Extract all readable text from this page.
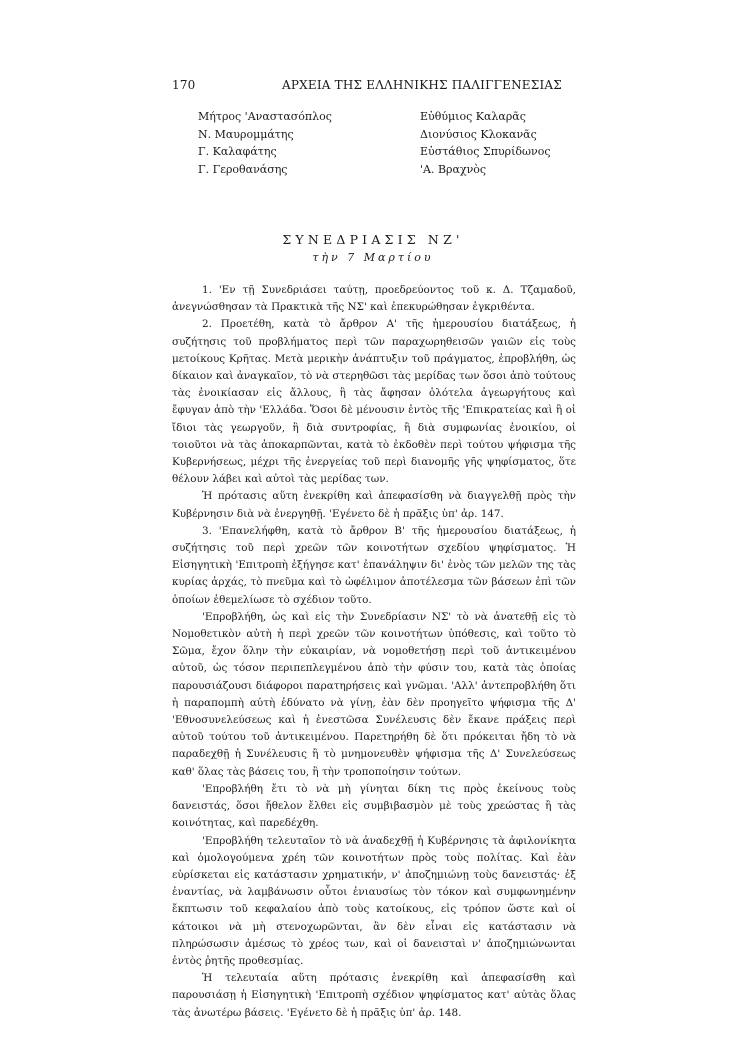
170	ΑΡΧΕΙΑ ΤΗΣ ΕΛΛΗΝΙΚΗΣ ΠΑΛΙΓΓΕΝΕΣΙΑΣ
Μήτρος 'Αναστασόπλος
Ν. Μαυρομμάτης
Γ. Καλαφάτης
Γ. Γεροθανάσης
Εὐθύμιος Καλαρᾶς
Διονύσιος Κλοκανᾶς
Εὐστάθιος Σπυρίδωνος
'Α. Βραχνὸς
ΣΥΝΕΔΡΙΑΣΙΣ ΝΖ'
τὴν 7 Μαρτίου

1. 'Εν τῇ Συνεδριάσει ταύτῃ, προεδρεύοντος τοῦ κ. Δ. Τζαμαδοῦ, ἀνεγνώσθησαν τὰ Πρακτικὰ τῆς ΝΣ' καὶ ἐπεκυρώθησαν ἐγκριθέντα.

2. Προετέθη, κατὰ τὸ ἄρθρον Α' τῆς ἡμερουσίου διατάξεως, ἡ συζήτησις τοῦ προβλήματος περὶ τῶν παραχωρηθεισῶν γαιῶν εἰς τοὺς μετοίκους Κρῆτας. Μετὰ μερικὴν ἀνάπτυξιν τοῦ πράγματος, ἐπροβλήθη, ὡς δίκαιον καὶ ἀναγκαῖον, τὸ νὰ στερηθῶσι τὰς μερίδας των ὅσοι ἀπὸ τούτους τὰς ἐνοικίασαν εἰς ἄλλους, ἢ τὰς ἄφησαν ὁλότελα ἀγεωργήτους καὶ ἔφυγαν ἀπὸ τὴν 'Ελλάδα. Ὅσοι δὲ μένουσιν ἐντὸς τῆς 'Επικρατείας καὶ ἢ οἱ ἴδιοι τὰς γεωργοῦν, ἢ διὰ συντροφίας, ἢ διὰ συμφωνίας ἐνοικίου, οἱ τοιοῦτοι νὰ τὰς ἀποκαρπῶνται, κατὰ τὸ ἐκδοθὲν περὶ τούτου ψήφισμα τῆς Κυβερνήσεως, μέχρι τῆς ἐνεργείας τοῦ περὶ διανομῆς γῆς ψηφίσματος, ὅτε θέλουν λάβει καὶ αὐτοὶ τὰς μερίδας των.

Ἡ πρότασις αὕτη ἐνεκρίθη καὶ ἀπεφασίσθη νὰ διαγγελθῇ πρὸς τὴν Κυβέρνησιν διὰ νὰ ἐνεργηθῇ. 'Εγένετο δὲ ἡ πρᾶξις ὑπ' ἀρ. 147.

3. 'Επανελήφθη, κατὰ τὸ ἄρθρον Β' τῆς ἡμερουσίου διατάξεως, ἡ συζήτησις τοῦ περὶ χρεῶν τῶν κοινοτήτων σχεδίου ψηφίσματος. Ἡ Εἰσηγητικὴ 'Επιτροπὴ ἐξήγησε κατ' ἐπανάληψιν δι' ἑνὸς τῶν μελῶν της τὰς κυρίας ἀρχάς, τὸ πνεῦμα καὶ τὸ ὠφέλιμον ἀποτέλεσμα τῶν βάσεων ἐπὶ τῶν ὁποίων ἐθεμελίωσε τὸ σχέδιον τοῦτο.

'Επροβλήθη, ὡς καὶ εἰς τὴν Συνεδρίασιν ΝΣ' τὸ νὰ ἀνατεθῇ εἰς τὸ Νομοθετικὸν αὐτὴ ἡ περὶ χρεῶν τῶν κοινοτήτων ὑπόθεσις, καὶ τοῦτο τὸ Σῶμα, ἔχον ὅλην τὴν εὐκαιρίαν, νὰ νομοθετήσῃ περὶ τοῦ ἀντικειμένου αὐτοῦ, ὡς τόσον περιπεπλεγμένου ἀπὸ τὴν φύσιν του, κατὰ τὰς ὁποίας παρουσιάζουσι διάφοροι παρατηρήσεις καὶ γνῶμαι. 'Αλλ' ἀντεπροβλήθη ὅτι ἡ παραπομπὴ αὐτὴ ἐδύνατο νὰ γίνῃ, ἐὰν δὲν προηγεῖτο ψήφισμα τῆς Δ' 'Εθνοσυνελεύσεως καὶ ἡ ἐνεστῶσα Συνέλευσις δὲν ἔκανε πράξεις περὶ αὐτοῦ τούτου τοῦ ἀντικειμένου. Παρετηρήθη δὲ ὅτι πρόκειται ἤδη τὸ νὰ παραδεχθῇ ἡ Συνέλευσις ἢ τὸ μνημονευθὲν ψήφισμα τῆς Δ' Συνελεύσεως καθ' ὅλας τὰς βάσεις του, ἢ τὴν τροποποίησιν τούτων.

'Επροβλήθη ἔτι τὸ νὰ μὴ γίνηται δίκη τις πρὸς ἐκείνους τοὺς δανειστάς, ὅσοι ἤθελον ἔλθει εἰς συμβιβασμὸν μὲ τοὺς χρεώστας ἢ τὰς κοινότητας, καὶ παρεδέχθη.

'Επροβλήθη τελευταῖον τὸ νὰ ἀναδεχθῇ ἡ Κυβέρνησις τὰ ἀφιλονίκητα καὶ ὁμολογούμενα χρέη τῶν κοινοτήτων πρὸς τοὺς πολίτας. Καὶ ἐὰν εὑρίσκεται εἰς κατάστασιν χρηματικήν, ν' ἀποζημιώνῃ τοὺς δανειστάς· ἐξ ἐναντίας, νὰ λαμβάνωσιν οὗτοι ἐνιαυσίως τὸν τόκον καὶ συμφωνημένην ἔκπτωσιν τοῦ κεφαλαίου ἀπὸ τοὺς κατοίκους, εἰς τρόπον ὥστε καὶ οἱ κάτοικοι νὰ μὴ στενοχωρῶνται, ἂν δὲν εἶναι εἰς κατάστασιν νὰ πληρώσωσιν ἀμέσως τὸ χρέος των, καὶ οἱ δανεισταὶ ν' ἀποζημιώνωνται ἐντὸς ῥητῆς προθεσμίας.

Ἡ τελευταία αὕτη πρότασις ἐνεκρίθη καὶ ἀπεφασίσθη καὶ παρουσιάσῃ ἡ Εἰσηγητικὴ 'Επιτροπὴ σχέδιον ψηφίσματος κατ' αὐτὰς ὅλας τὰς ἀνωτέρω βάσεις. 'Εγένετο δὲ ἡ πρᾶξις ὑπ' ἀρ. 148.
